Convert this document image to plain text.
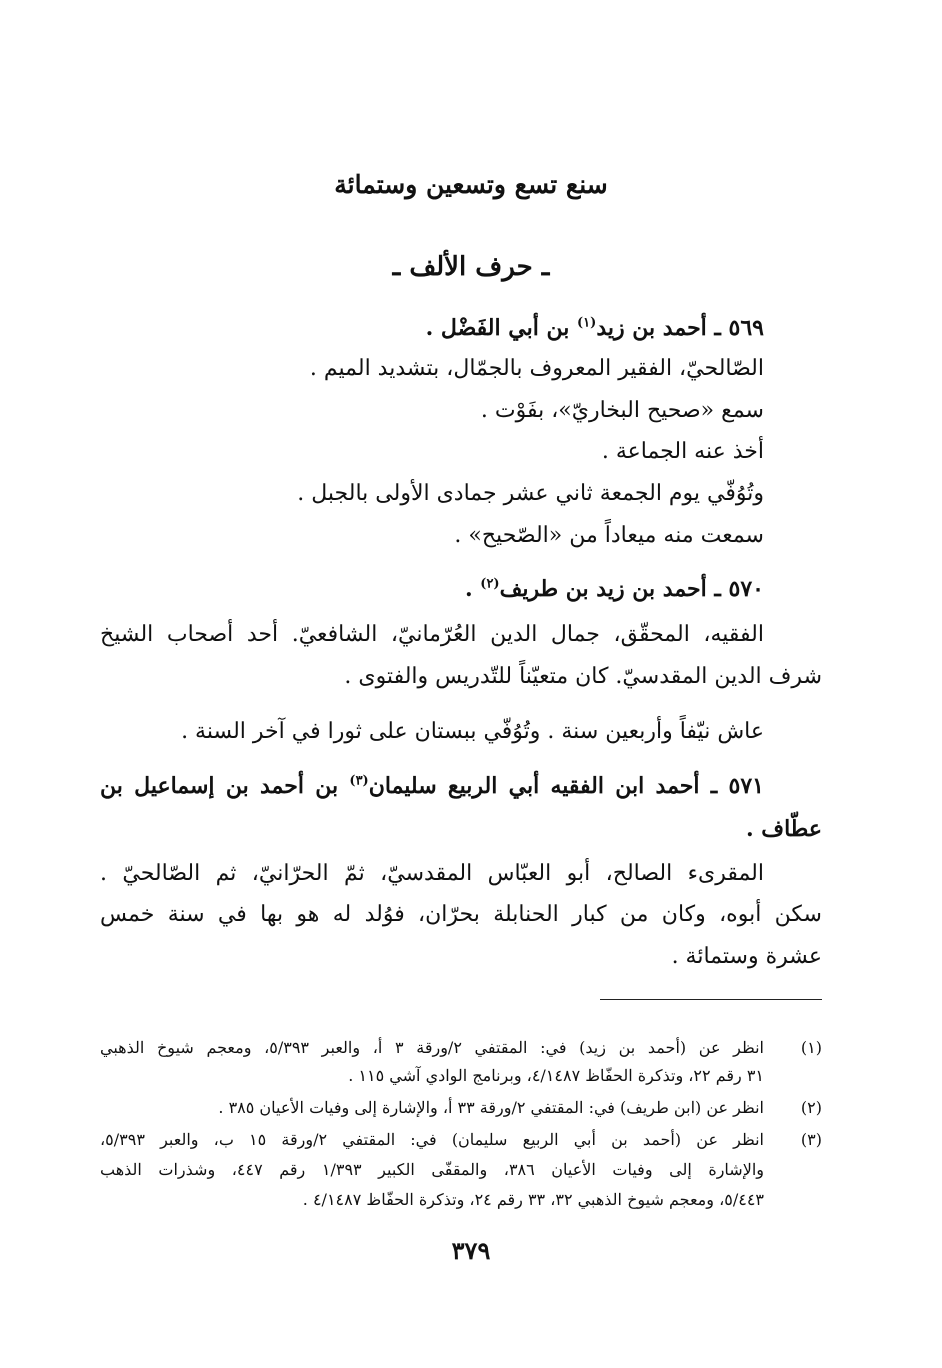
سنع تسع وتسعين وستمائة

ـ حرف الألف ـ

٥٦٩ ـ أحمد بن زيد$^{(١)}$ بن أبي الفَضْل .

الصّالحيّ، الفقير المعروف بالجمّال، بتشديد الميم .

سمع «صحيح البخاريّ»، بفَوْت .

أخذ عنه الجماعة .

وتُوُفّي يوم الجمعة ثاني عشر جمادى الأولى بالجبل .

سمعت منه ميعاداً من «الصّحيح» .

٥٧٠ ـ أحمد بن زيد بن طريف$^{(٢)}$ .

الفقيه، المحقّق، جمال الدين العُرّمانيّ، الشافعيّ. أحد أصحاب الشيخ

شرف الدين المقدسيّ. كان متعيّناً للتّدريس والفتوى .

عاش نيّفاً وأربعين سنة . وتُوُفّي ببستان على ثورا في آخر السنة .

٥٧١ ـ أحمد ابن الفقيه أبي الربيع سليمان$^{(٣)}$ بن أحمد بن إسماعيل بن

عطّاف .

المقرىء الصالح، أبو العبّاس المقدسيّ، ثمّ الحرّانيّ، ثم الصّالحيّ .

سكن أبوه، وكان من كبار الحنابلة بحرّان، فوُلد له هو بها في سنة خمس

عشرة وستمائة .

(١)

انظر عن (أحمد بن زيد) في: المقتفي ٢/ورقة ٣ أ، والعبر ٥/٣٩٣، ومعجم شيوخ الذهبي

٣١ رقم ٢٢، وتذكرة الحفّاظ ٤/١٤٨٧، وبرنامج الوادي آشي ١١٥ .

(٢)

انظر عن (ابن طريف) في: المقتفي ٢/ورقة ٣٣ أ، والإشارة إلى وفيات الأعيان ٣٨٥ .

(٣)

انظر عن (أحمد بن أبي الربيع سليمان) في: المقتفي ٢/ورقة ١٥ ب، والعبر ٥/٣٩٣،

والإشارة إلى وفيات الأعيان ٣٨٦، والمقفّى الكبير ١/٣٩٣ رقم ٤٤٧، وشذرات الذهب

٥/٤٤٣، ومعجم شيوخ الذهبي ٣٢، ٣٣ رقم ٢٤، وتذكرة الحفّاظ ٤/١٤٨٧ .

٣٧٩
